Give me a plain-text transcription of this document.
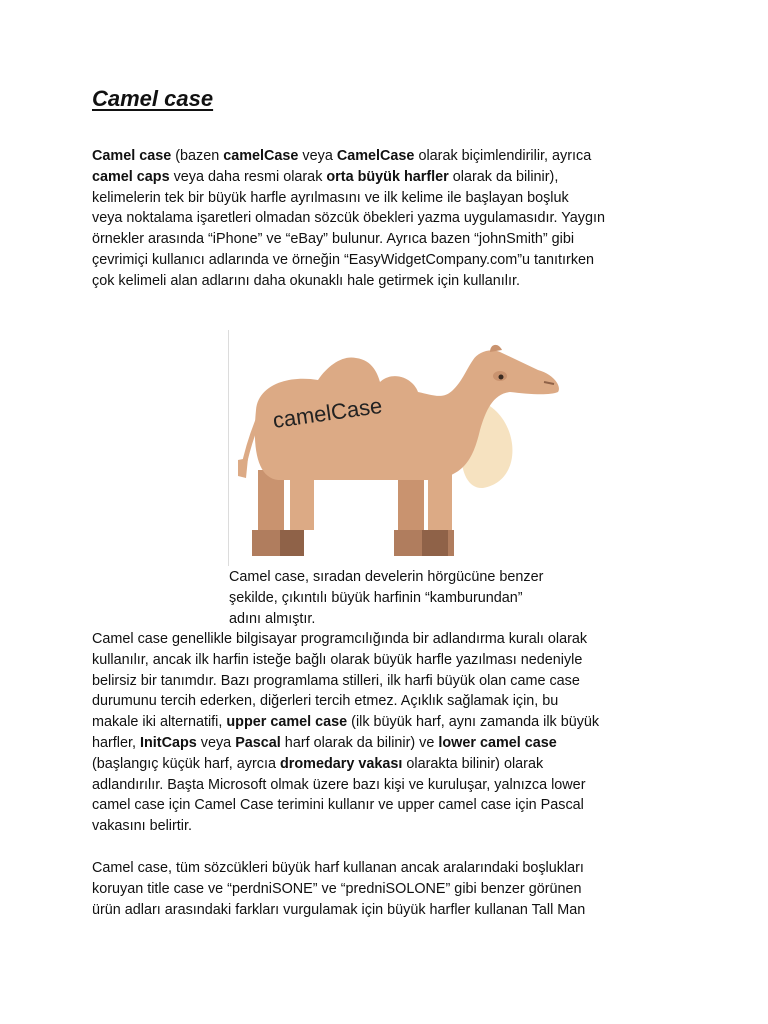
Camel case
Camel case (bazen camelCase veya CamelCase olarak biçimlendirilir, ayrıca
camel caps veya daha resmi olarak orta büyük harfler olarak da bilinir),
kelimelerin tek bir büyük harfle ayrılmasını ve ilk kelime ile başlayan boşluk
veya noktalama işaretleri olmadan sözcük öbekleri yazma uygulamasıdır. Yaygın
örnekler arasında “iPhone” ve “eBay” bulunur. Ayrıca bazen “johnSmith” gibi
çevrimiçi kullanıcı adlarında ve örneğin “EasyWidgetCompany.com”u tanıtırken
çok kelimeli alan adlarını daha okunaklı hale getirmek için kullanılır.
camelCase
Camel case, sıradan develerin hörgücüne benzer
şekilde, çıkıntılı büyük harfinin “kamburundan”
adını almıştır.
Camel case genellikle bilgisayar programcılığında bir adlandırma kuralı olarak
kullanılır, ancak ilk harfin isteğe bağlı olarak büyük harfle yazılması nedeniyle
belirsiz bir tanımdır. Bazı programlama stilleri, ilk harfi büyük olan came case
durumunu tercih ederken, diğerleri tercih etmez. Açıklık sağlamak için, bu
makale iki alternatifi, upper camel case (ilk büyük harf, aynı zamanda ilk büyük
harfler, InitCaps veya Pascal harf olarak da bilinir) ve lower camel case
(başlangıç küçük harf, ayrcıa dromedary vakası olarakta bilinir) olarak
adlandırılır. Başta Microsoft olmak üzere bazı kişi ve kuruluşar, yalnızca lower
camel case için Camel Case terimini kullanır ve upper camel case için Pascal
vakasını belirtir.
Camel case, tüm sözcükleri büyük harf kullanan ancak aralarındaki boşlukları
koruyan title case ve “perdniSONE” ve “predniSOLONE” gibi benzer görünen
ürün adları arasındaki farkları vurgulamak için büyük harfler kullanan Tall Man
